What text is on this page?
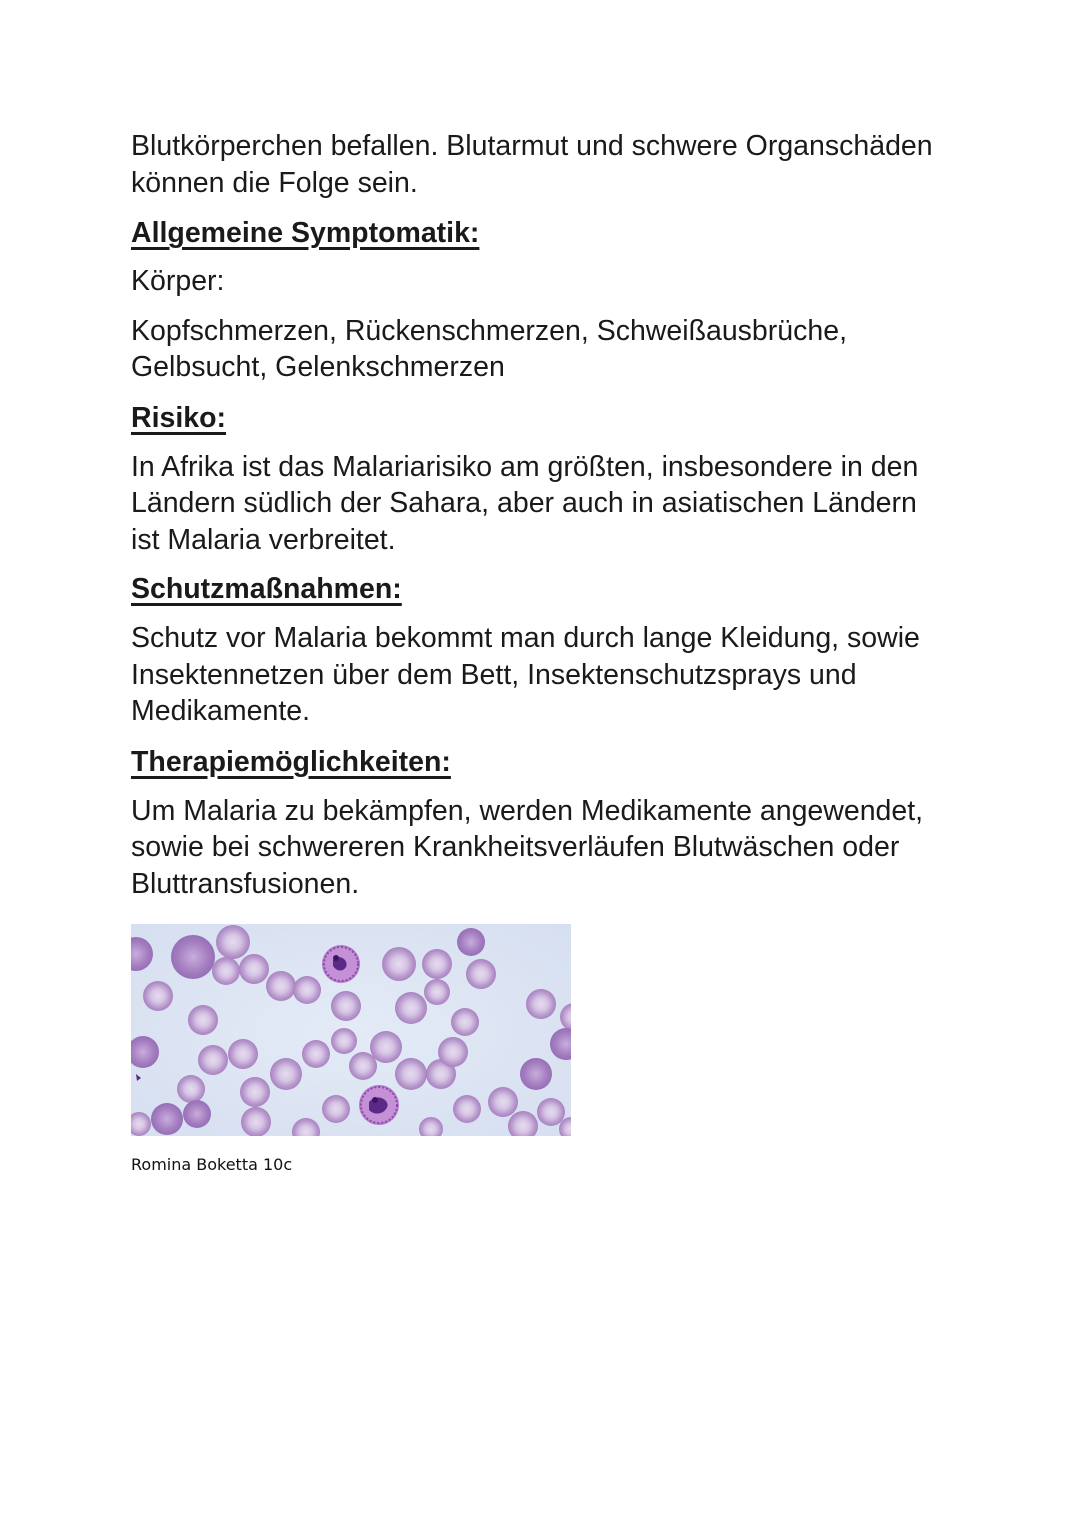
Blutkörperchen befallen. Blutarmut und schwere Organschäden

können die Folge sein.

Allgemeine Symptomatik:

Körper:

Kopfschmerzen, Rückenschmerzen, Schweißausbrüche,

Gelbsucht, Gelenkschmerzen

Risiko:

In Afrika ist das Malariarisiko am größten, insbesondere in den

Ländern südlich der Sahara, aber auch in asiatischen Ländern

ist Malaria verbreitet.

Schutzmaßnahmen:

Schutz vor Malaria bekommt man durch lange Kleidung, sowie

Insektennetzen über dem Bett, Insektenschutzsprays und

Medikamente.

Therapiemöglichkeiten:

Um Malaria zu bekämpfen, werden Medikamente angewendet,

sowie bei schwereren Krankheitsverläufen Blutwäschen oder

Bluttransfusionen.

Romina Boketta 10c
